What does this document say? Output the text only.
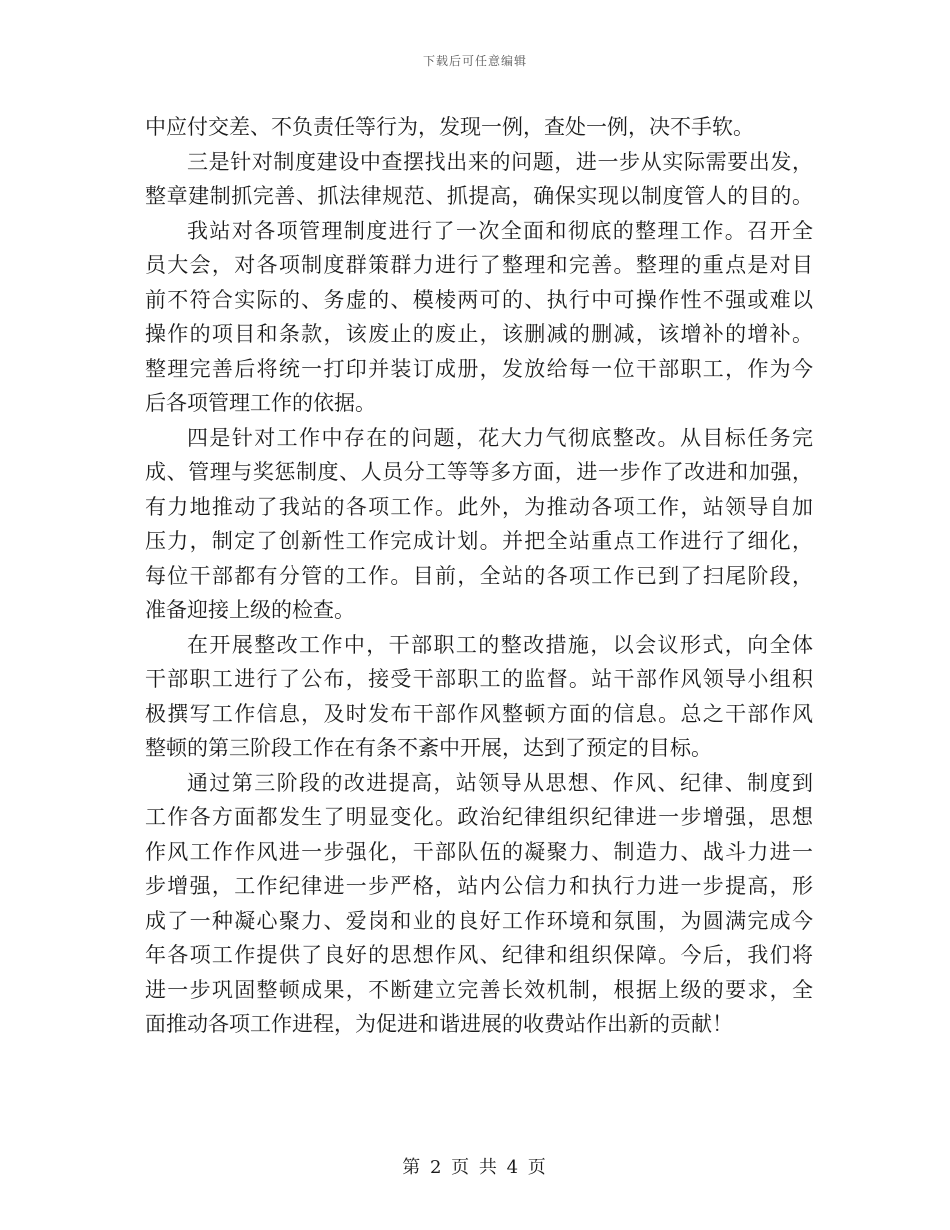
下载后可任意编辑
中应付交差、不负责任等行为，发现一例，查处一例，决不手软。
三是针对制度建设中查摆找出来的问题，进一步从实际需要出发，
整章建制抓完善、抓法律规范、抓提高，确保实现以制度管人的目的。
我站对各项管理制度进行了一次全面和彻底的整理工作。召开全
员大会，对各项制度群策群力进行了整理和完善。整理的重点是对目
前不符合实际的、务虚的、模棱两可的、执行中可操作性不强或难以
操作的项目和条款，该废止的废止，该删减的删减，该增补的增补。
整理完善后将统一打印并装订成册，发放给每一位干部职工，作为今
后各项管理工作的依据。
四是针对工作中存在的问题，花大力气彻底整改。从目标任务完
成、管理与奖惩制度、人员分工等等多方面，进一步作了改进和加强，
有力地推动了我站的各项工作。此外，为推动各项工作，站领导自加
压力，制定了创新性工作完成计划。并把全站重点工作进行了细化，
每位干部都有分管的工作。目前，全站的各项工作已到了扫尾阶段，
准备迎接上级的检查。
在开展整改工作中，干部职工的整改措施，以会议形式，向全体
干部职工进行了公布，接受干部职工的监督。站干部作风领导小组积
极撰写工作信息，及时发布干部作风整顿方面的信息。总之干部作风
整顿的第三阶段工作在有条不紊中开展，达到了预定的目标。
通过第三阶段的改进提高，站领导从思想、作风、纪律、制度到
工作各方面都发生了明显变化。政治纪律组织纪律进一步增强，思想
作风工作作风进一步强化，干部队伍的凝聚力、制造力、战斗力进一
步增强，工作纪律进一步严格，站内公信力和执行力进一步提高，形
成了一种凝心聚力、爱岗和业的良好工作环境和氛围，为圆满完成今
年各项工作提供了良好的思想作风、纪律和组织保障。今后，我们将
进一步巩固整顿成果，不断建立完善长效机制，根据上级的要求，全
面推动各项工作进程，为促进和谐进展的收费站作出新的贡献！
第 2 页 共 4 页
